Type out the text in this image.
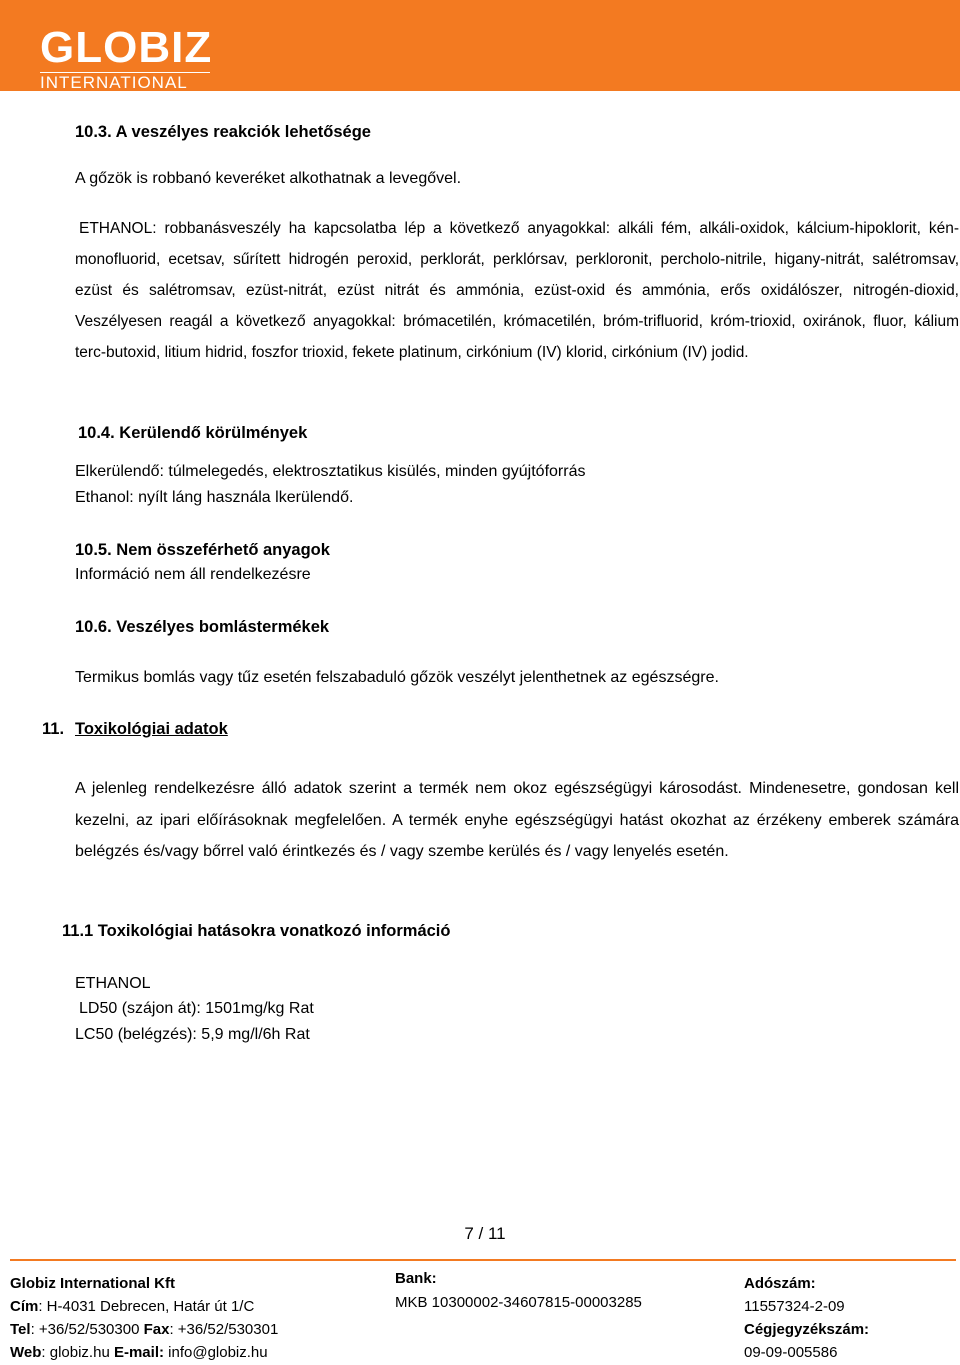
GLOBIZ
INTERNATIONAL

10.3. A veszélyes reakciók lehetősége

A gőzök is robbanó keveréket alkothatnak a levegővel.

ETHANOL: robbanásveszély ha kapcsolatba lép a következő anyagokkal: alkáli fém, alkáli-oxidok, kálcium-hipoklorit, kén-monofluorid, ecetsav, sűrített hidrogén peroxid, perklorát, perklórsav, perkloronit, percholo-nitrile, higany-nitrát, salétromsav, ezüst és salétromsav, ezüst-nitrát, ezüst nitrát és ammónia, ezüst-oxid és ammónia, erős oxidálószer, nitrogén-dioxid, Veszélyesen reagál a következő anyagokkal: brómacetilén, krómacetilén, bróm-trifluorid, króm-trioxid, oxiránok, fluor, kálium terc-butoxid, litium hidrid, foszfor trioxid, fekete platinum, cirkónium (IV) klorid, cirkónium (IV) jodid.

10.4. Kerülendő körülmények

Elkerülendő: túlmelegedés, elektrosztatikus kisülés, minden gyújtóforrás

Ethanol: nyílt láng használa lkerülendő.

10.5. Nem összeférhető anyagok

Információ nem áll rendelkezésre

10.6. Veszélyes bomlástermékek

Termikus bomlás vagy tűz esetén felszabaduló gőzök veszélyt jelenthetnek az egészségre.

11. Toxikológiai adatok

A jelenleg rendelkezésre álló adatok szerint a termék nem okoz egészségügyi károsodást. Mindenesetre, gondosan kell kezelni, az ipari előírásoknak megfelelően. A termék enyhe egészségügyi hatást okozhat az érzékeny emberek számára belégzés és/vagy bőrrel való érintkezés és / vagy szembe kerülés és / vagy lenyelés esetén.

11.1 Toxikológiai hatásokra vonatkozó információ

ETHANOL

LD50 (szájon át): 1501mg/kg Rat

LC50 (belégzés): 5,9 mg/l/6h Rat

7 / 11
Globiz International Kft
Cím: H-4031 Debrecen, Határ út 1/C
Tel: +36/52/530300 Fax: +36/52/530301
Web: globiz.hu E-mail: info@globiz.hu
Bank:
MKB 10300002-34607815-00003285
Adószám:
11557324-2-09
Cégjegyzékszám:
09-09-005586
